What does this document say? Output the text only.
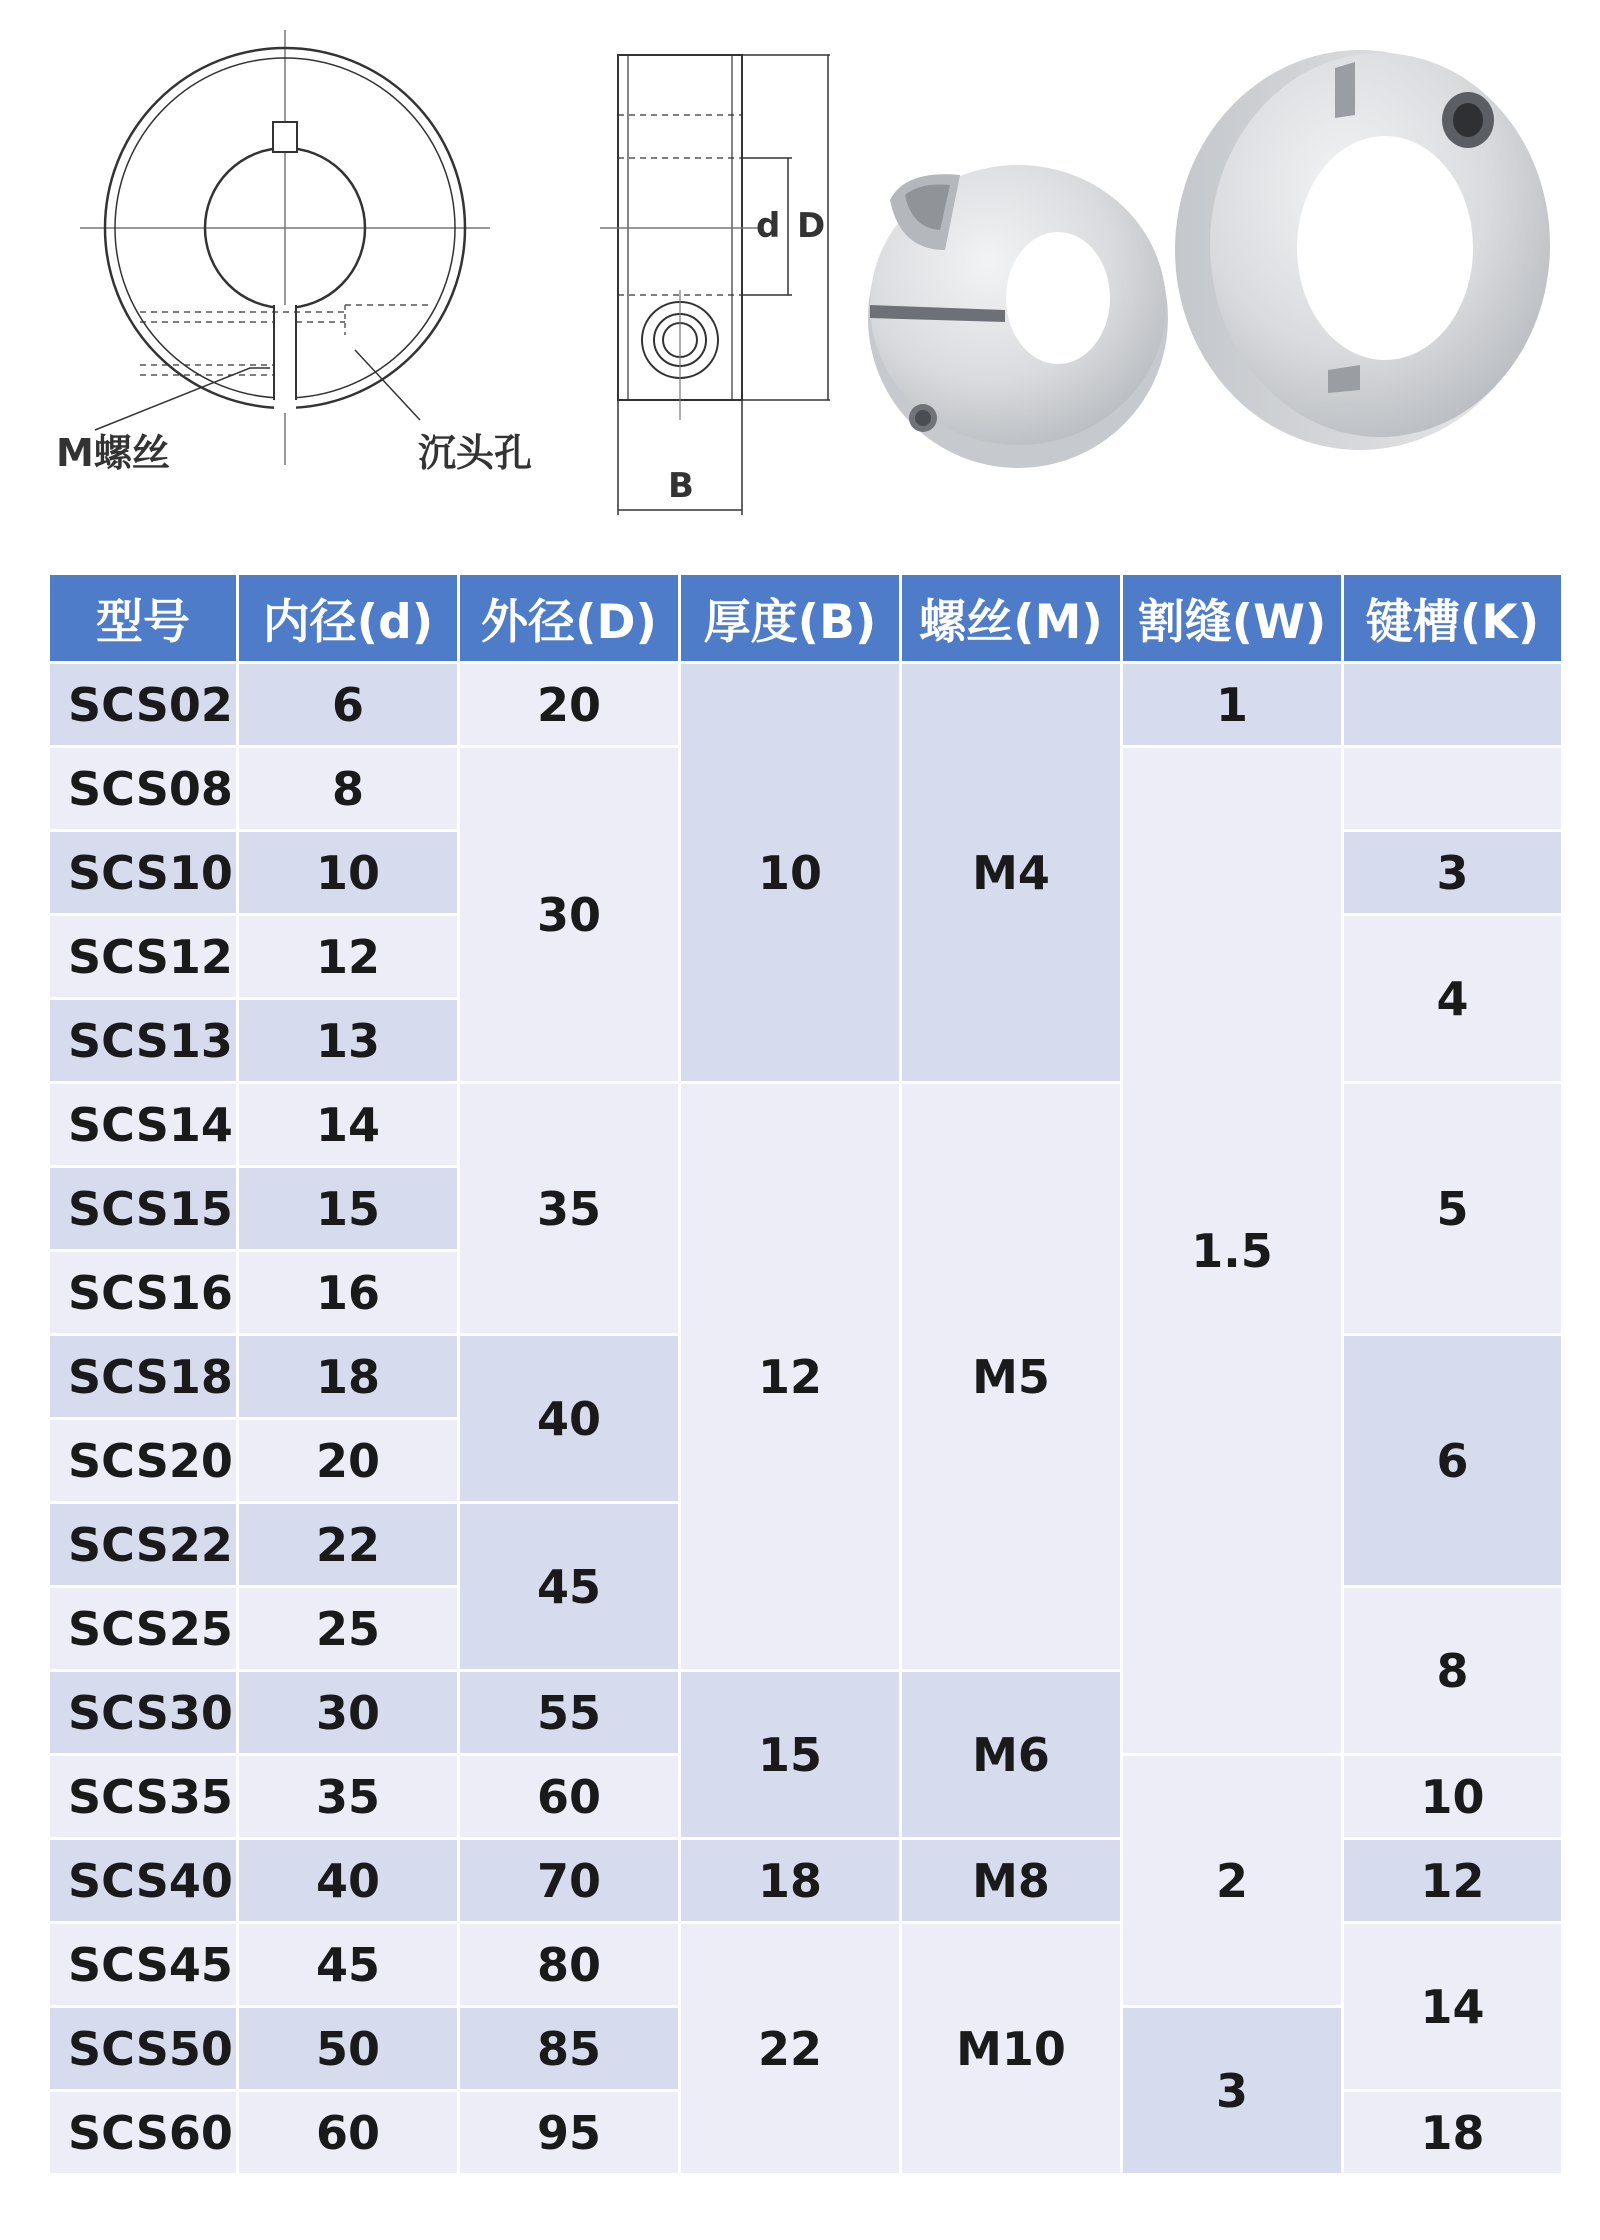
M螺丝	沉头孔
d D
B
型号	内径(d)	外径(D)	厚度(B)	螺丝(M)	割缝(W)	键槽(K)
SCS02	6	20	10	M4	1	
SCS08	8	30			1.5	
SCS10	10					3
SCS12	12					4
SCS13	13					
SCS14	14	35	12	M5		5
SCS15	15					
SCS16	16					
SCS18	18	40				6
SCS20	20					
SCS22	22	45				
SCS25	25					8
SCS30	30	55	15	M6		
SCS35	35	60			2	10
SCS40	40	70	18	M8		12
SCS45	45	80	22	M10		14
SCS50	50	85			3	
SCS60	60	95				18
